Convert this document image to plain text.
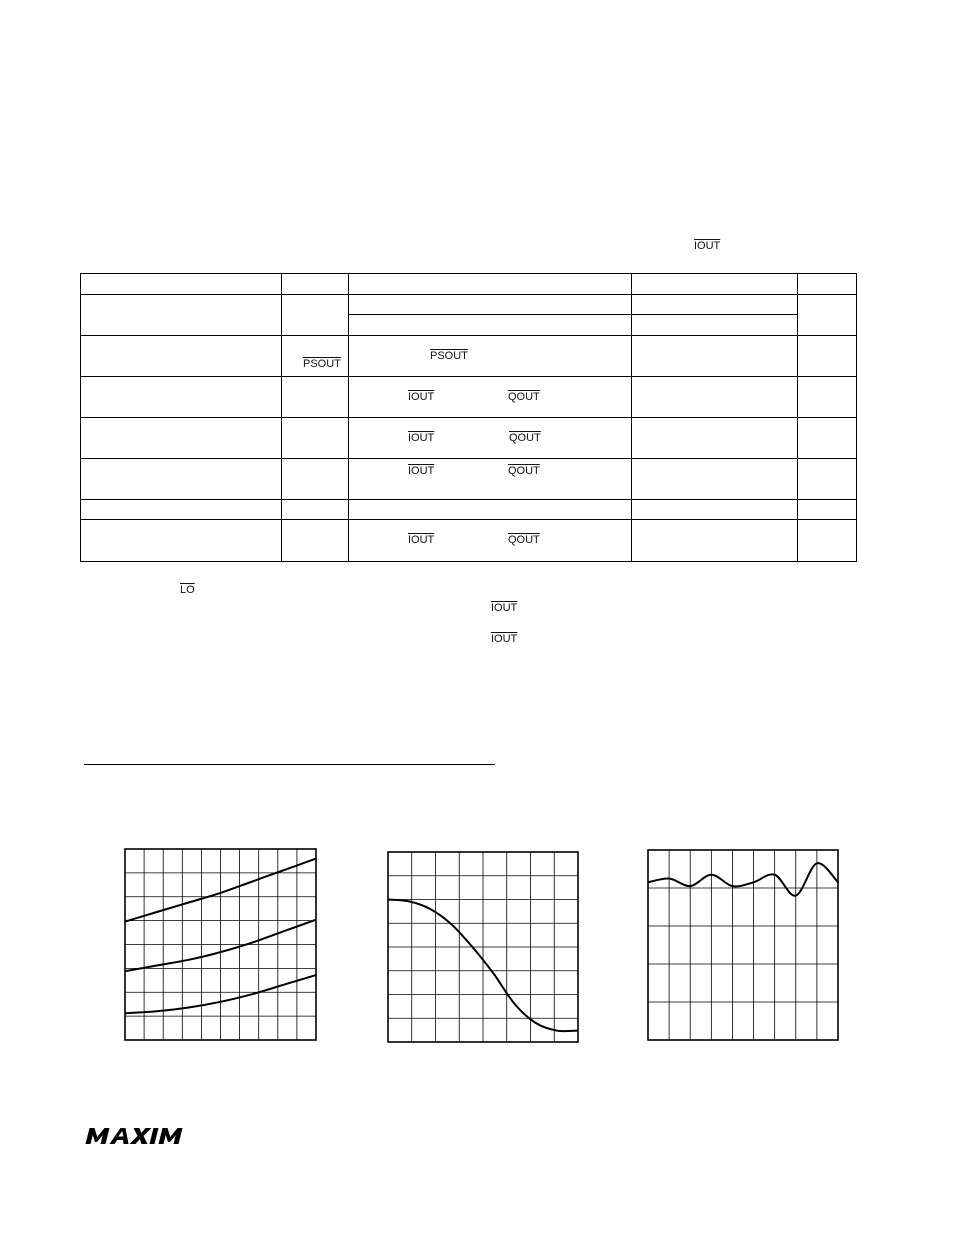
IOUT

	PSOUT	PSOUT		

		IOUT QOUT		

		IOUT QOUT		

		IOUT QOUT		

		IOUT QOUT		

$\overline{LO}$
IOUT
IOUT
